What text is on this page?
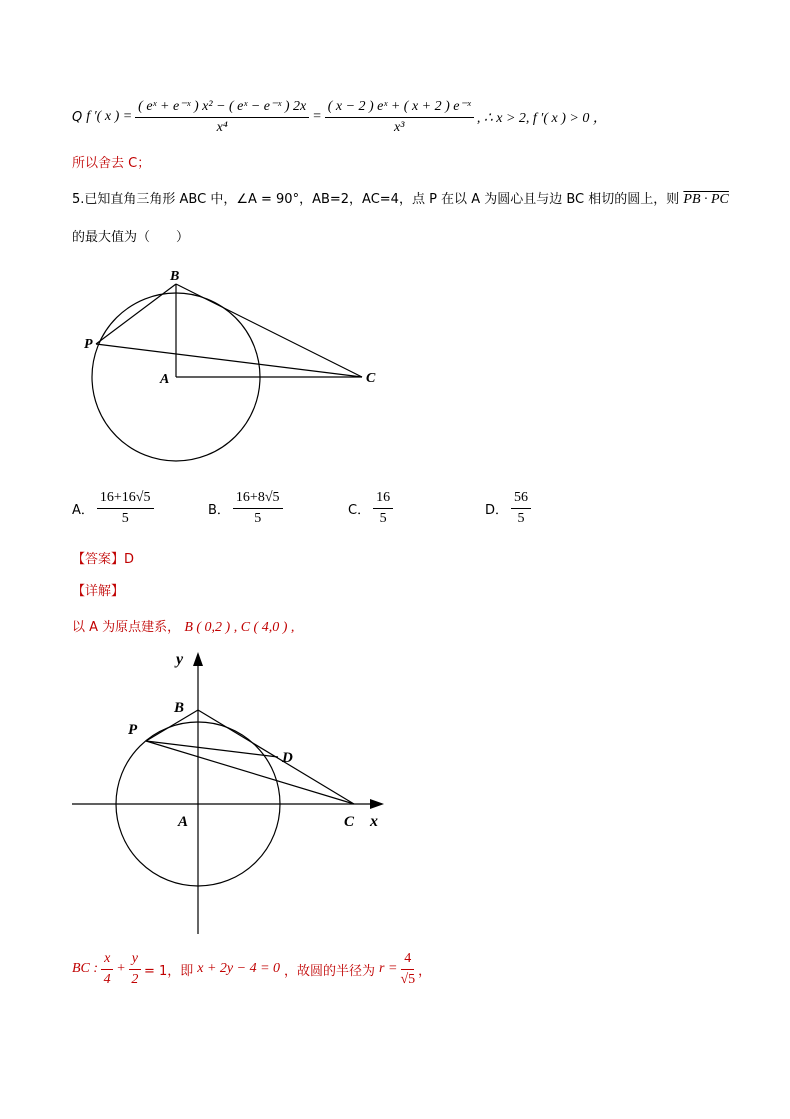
Q f ′( x ) = $\frac{\text{( eˣ + e⁻ˣ ) x² − ( eˣ − e⁻ˣ ) 2x}}{\text{x⁴}} = \frac{\text{( x − 2 ) eˣ + ( x + 2 ) e⁻ˣ}}{\text{x³}}$ , ∴ x > 2, f ′( x ) > 0 ，
所以舍去 C；
5.已知直角三角形 ABC 中，∠A = 90°，AB=2，AC=4，点 P 在以 A 为圆心且与边 BC 相切的圆上，则 PB · PC
的最大值为（　　）
B
P
A	C
A． $\frac{16+16√5}{5}$	B． $\frac{16+8√5}{5}$	C． $\frac{16}{5}$	D． $\frac{56}{5}$
【答案】D
【详解】
以 A 为原点建系， B ( 0,2 ) , C ( 4,0 ) ,
y
B
P
D
A	C x
BC : $\frac{x}{4} + \frac{y}{2} = 1$，即 x + 2y − 4 = 0 ，故圆的半径为 $r = \frac{4}{√5}$ ，
